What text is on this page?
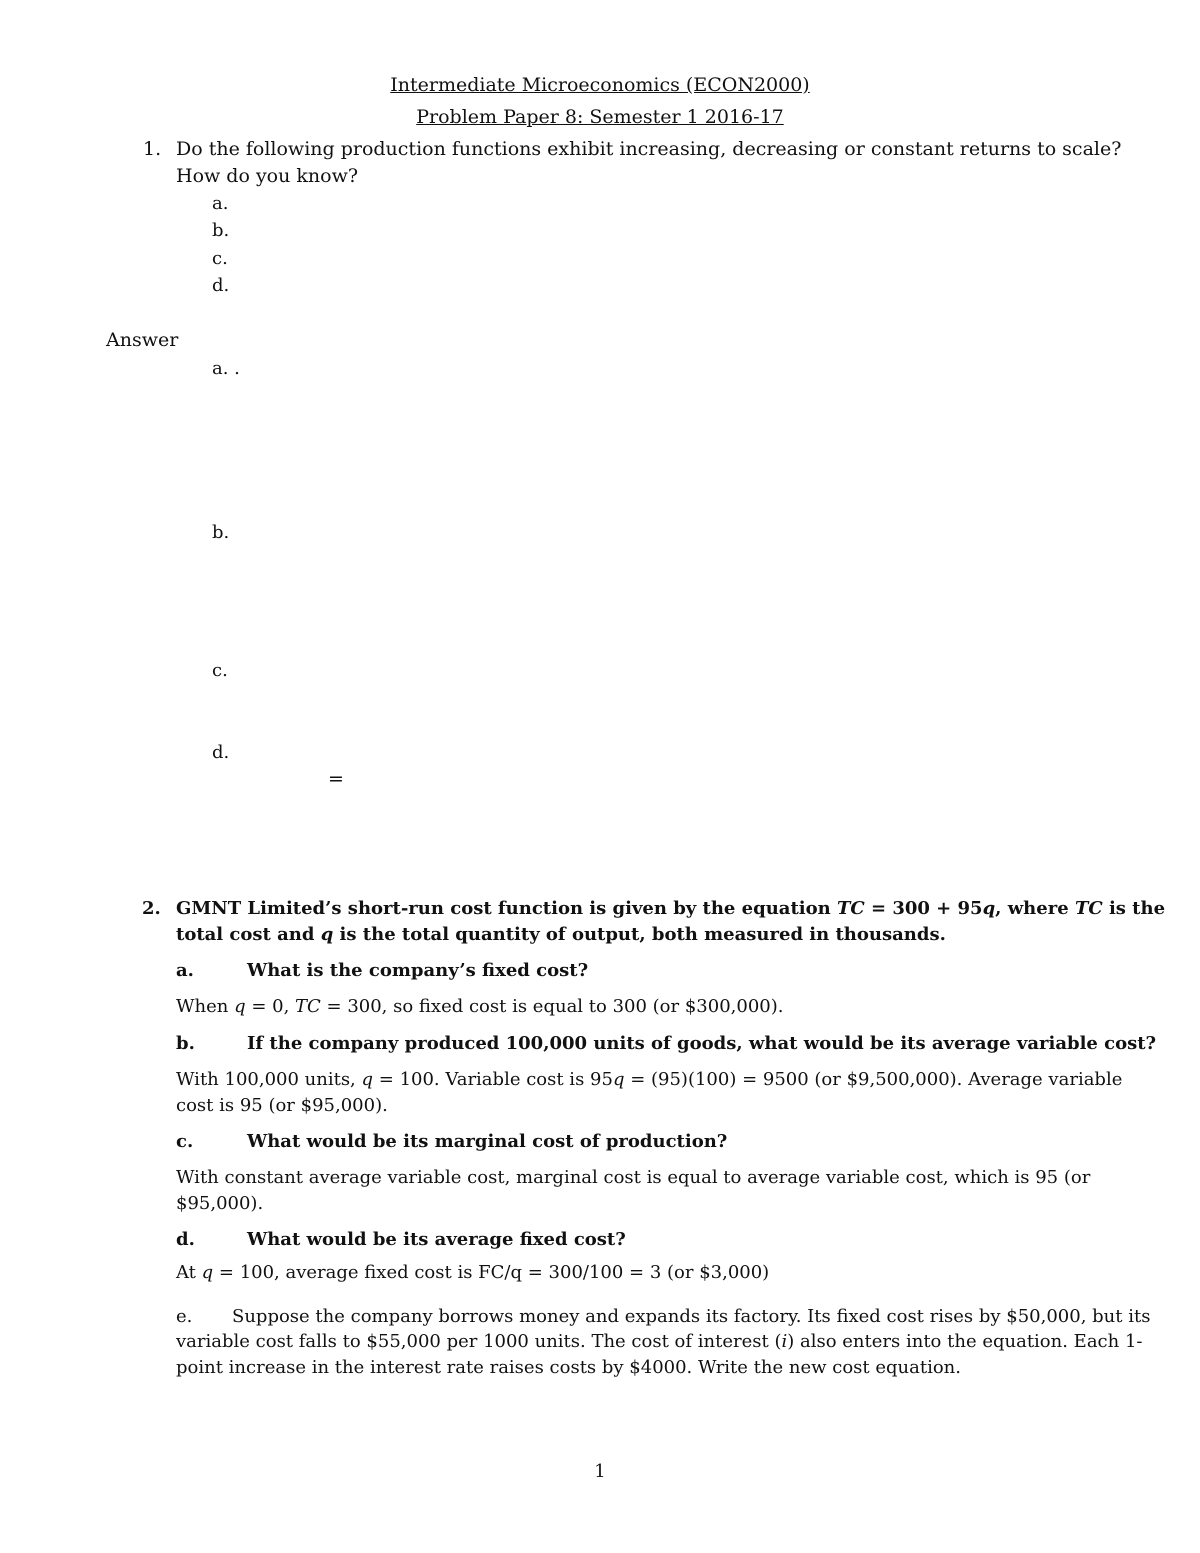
Intermediate Microeconomics (ECON2000)
Problem Paper 8: Semester 1 2016-17
1. Do the following production functions exhibit increasing, decreasing or constant returns to scale?
How do you know?
a.
b.
c.
d.
Answer
a. .
b.
c.
d.
=
2. GMNT Limited’s short-run cost function is given by the equation TC = 300 + 95q, where TC is the
total cost and q is the total quantity of output, both measured in thousands.
a.	What is the company’s fixed cost?
When q = 0, TC = 300, so fixed cost is equal to 300 (or $300,000).
b.	If the company produced 100,000 units of goods, what would be its average variable cost?
With 100,000 units, q = 100. Variable cost is 95q = (95)(100) = 9500 (or $9,500,000). Average variable
cost is 95 (or $95,000).
c.	What would be its marginal cost of production?
With constant average variable cost, marginal cost is equal to average variable cost, which is 95 (or
$95,000).
d.	What would be its average fixed cost?
At q = 100, average fixed cost is FC/q = 300/100 = 3 (or $3,000)
e. Suppose the company borrows money and expands its factory. Its fixed cost rises by $50,000, but its
variable cost falls to $55,000 per 1000 units. The cost of interest (i) also enters into the equation. Each 1-
point increase in the interest rate raises costs by $4000. Write the new cost equation.
1
